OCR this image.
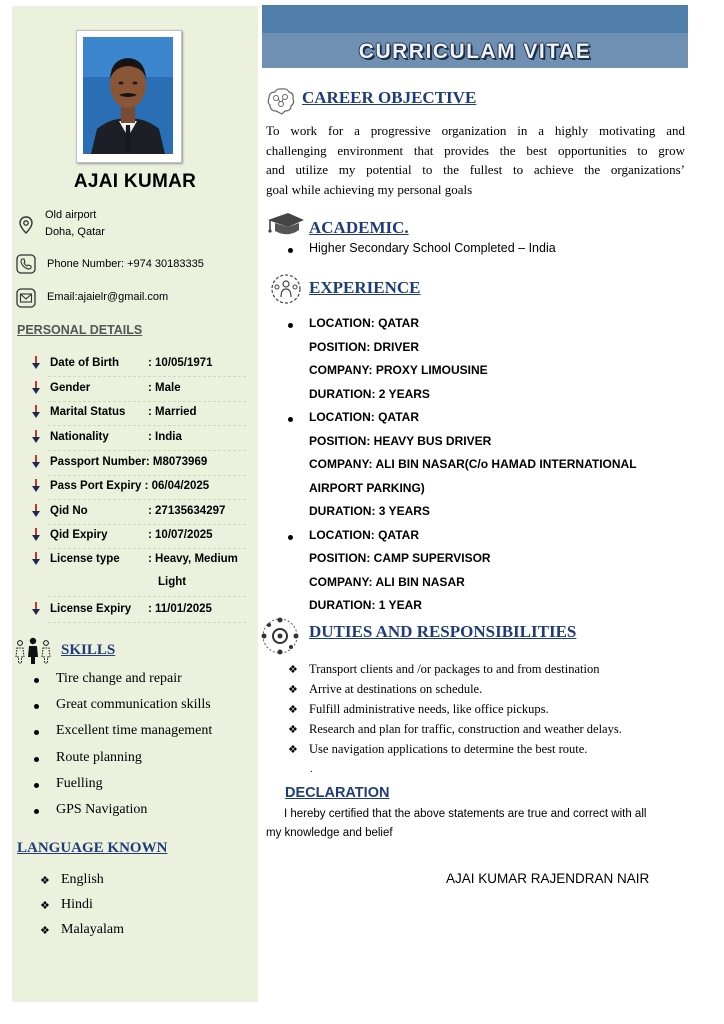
AJAI KUMAR
Old airport
Doha, Qatar
Phone Number: +974 30183335
Email:ajaielr@gmail.com
PERSONAL DETAILS
Date of Birth	: 10/05/1971
Gender	: Male
Marital Status : Married
Nationality	: India
Passport Number: M8073969
Pass Port Expiry : 06/04/2025
Qid No	: 27135634297
Qid Expiry	: 10/07/2025
License type : Heavy, Medium
Light
License Expiry : 11/01/2025
SKILLS
Tire change and repair
Great communication skills
Excellent time management
Route planning
Fuelling
GPS Navigation
LANGUAGE KNOWN
❖ English
❖ Hindi
❖ Malayalam
CURRICULAM VITAE
CAREER OBJECTIVE
To work for a progressive organization in a highly motivating and
challenging environment that provides the best opportunities to grow
and utilize my potential to the fullest to achieve the organizations’
goal while achieving my personal goals
ACADEMIC.
Higher Secondary School Completed – India
EXPERIENCE
LOCATION: QATAR
POSITION: DRIVER
COMPANY: PROXY LIMOUSINE
DURATION: 2 YEARS
LOCATION: QATAR
POSITION: HEAVY BUS DRIVER
COMPANY: ALI BIN NASAR(C/o HAMAD INTERNATIONAL
AIRPORT PARKING)
DURATION: 3 YEARS
LOCATION: QATAR
POSITION: CAMP SUPERVISOR
COMPANY: ALI BIN NASAR
DURATION: 1 YEAR
DUTIES AND RESPONSIBILITIES
❖ Transport clients and /or packages to and from destination
❖ Arrive at destinations on schedule.
❖ Fulfill administrative needs, like office pickups.
❖ Research and plan for traffic, construction and weather delays.
❖ Use navigation applications to determine the best route.
.
DECLARATION
I hereby certified that the above statements are true and correct with all
my knowledge and belief
AJAI KUMAR RAJENDRAN NAIR
